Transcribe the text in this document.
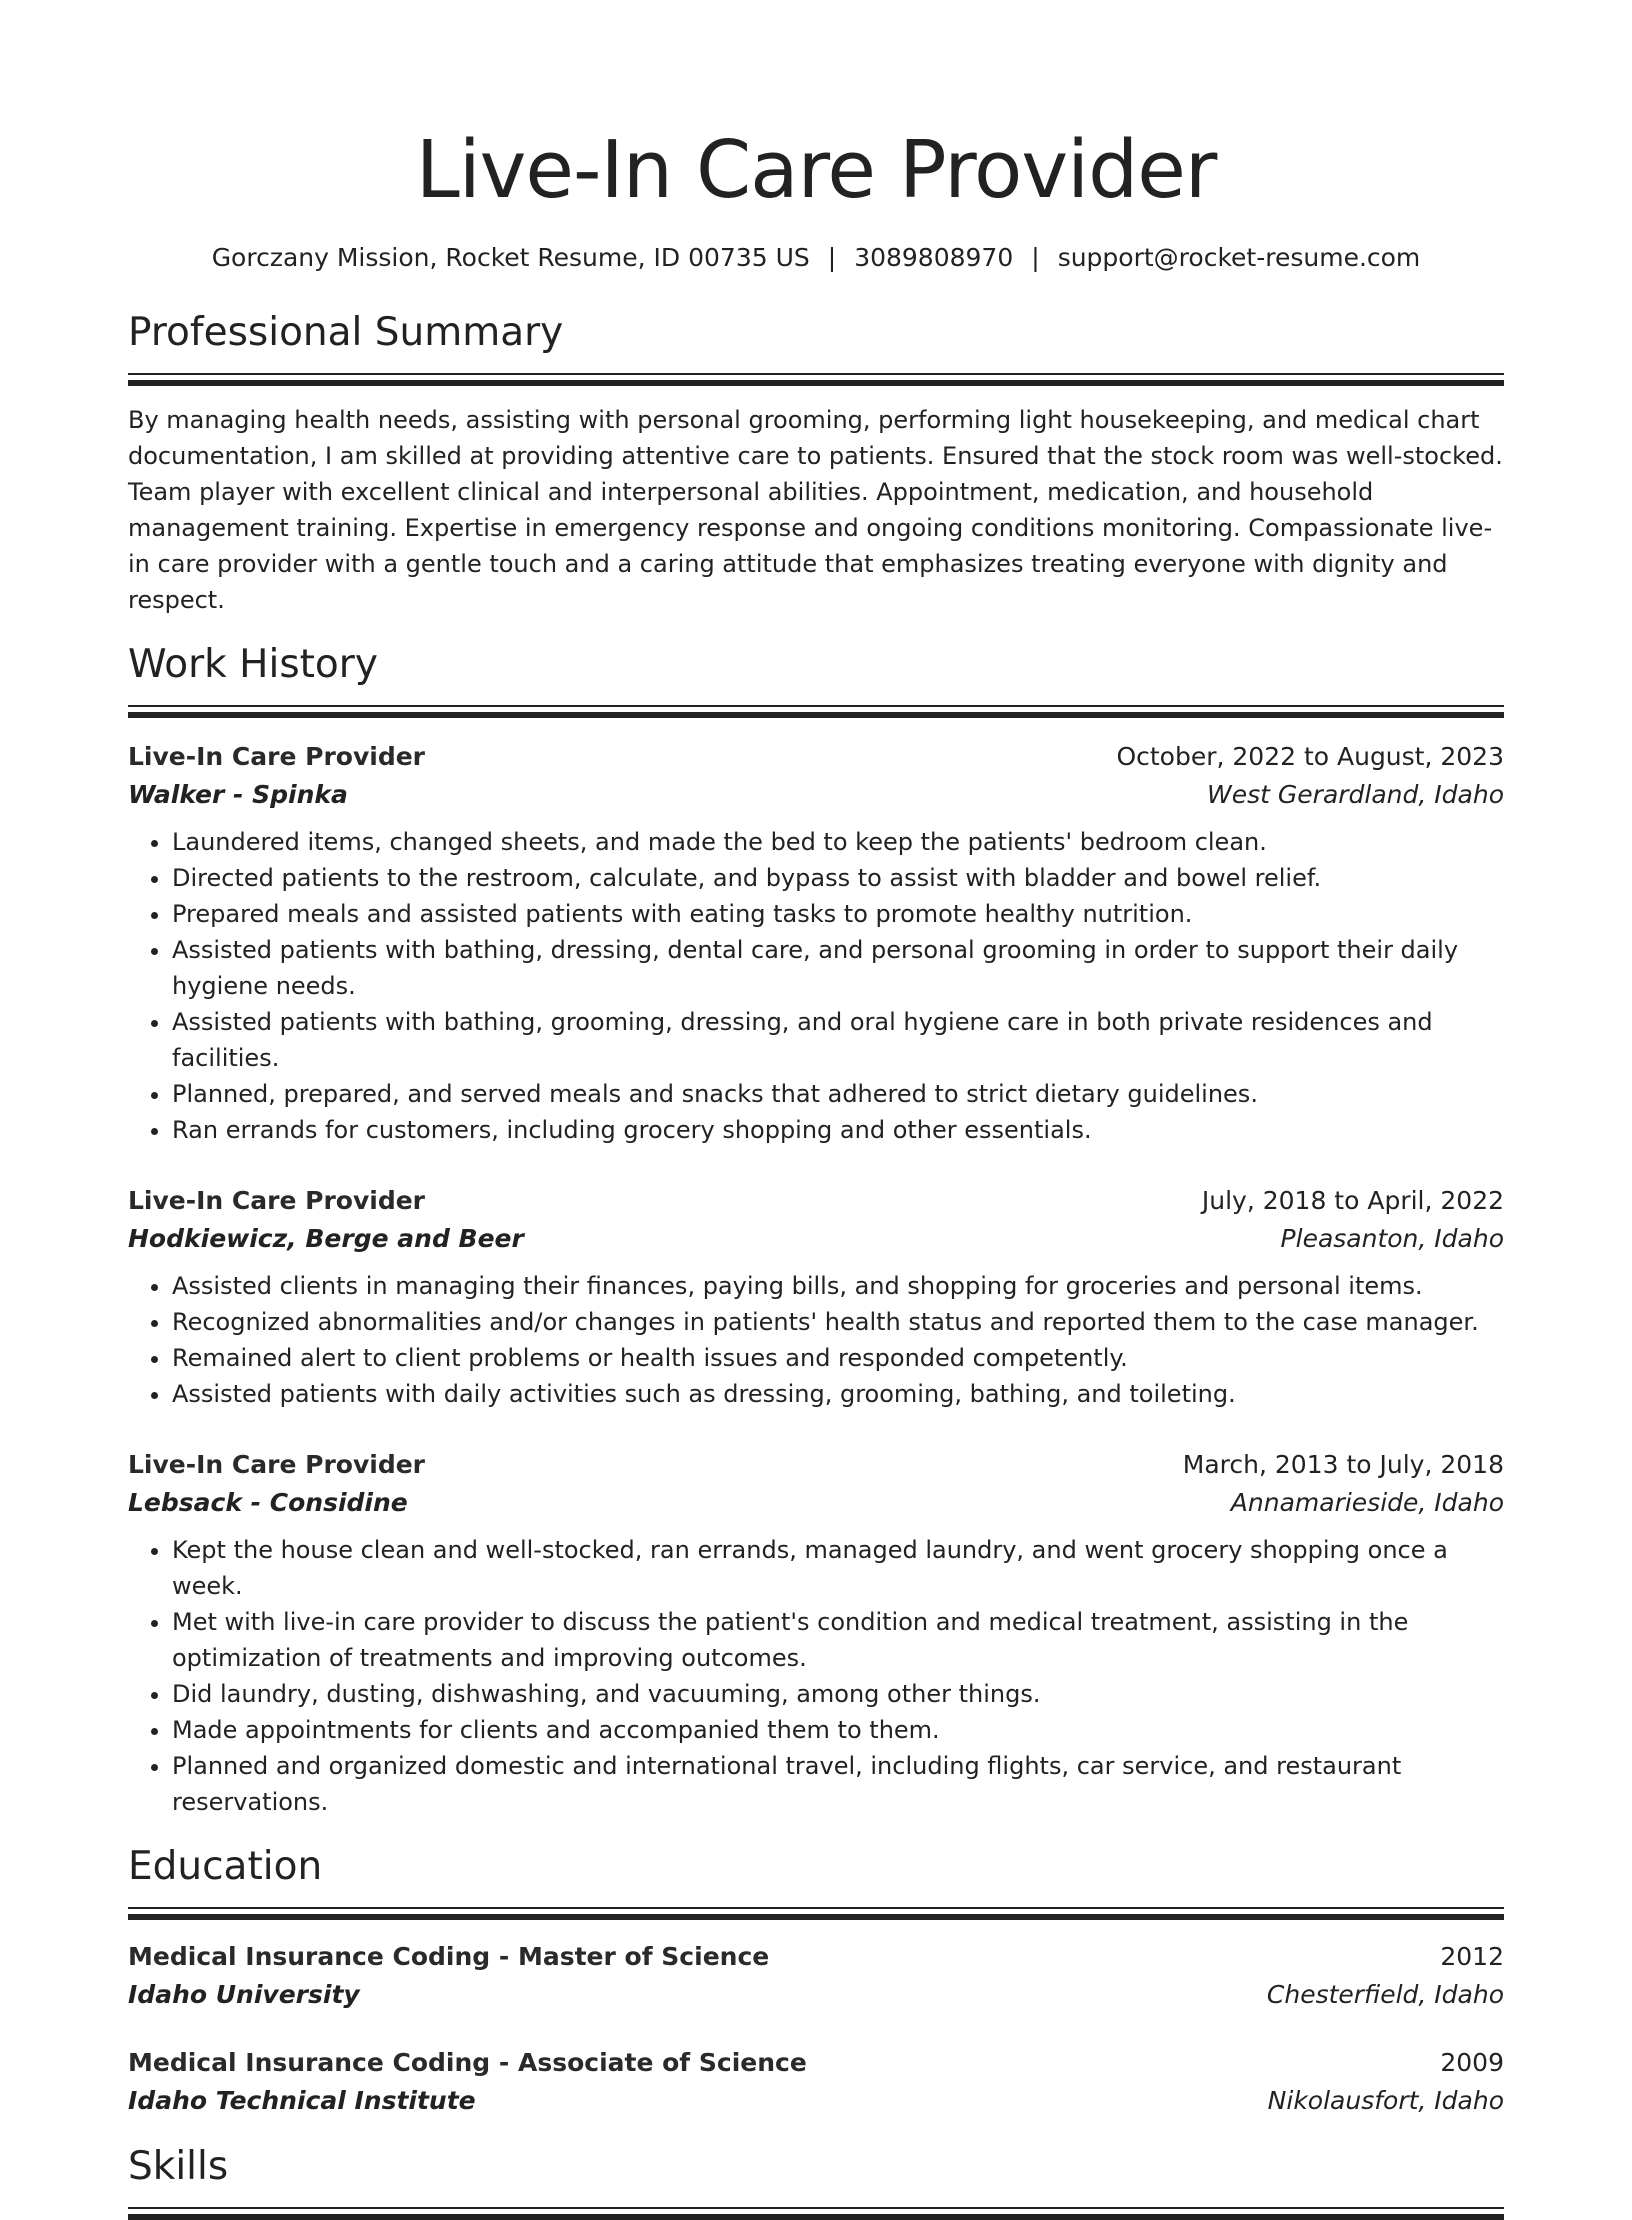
Live-In Care Provider
Gorczany Mission, Rocket Resume, ID 00735 US | 3089808970 | support@rocket-resume.com
Professional Summary

By managing health needs, assisting with personal grooming, performing light housekeeping, and medical chart documentation, I am skilled at providing attentive care to patients. Ensured that the stock room was well-stocked. Team player with excellent clinical and interpersonal abilities. Appointment, medication, and household management training. Expertise in emergency response and ongoing conditions monitoring. Compassionate live-in care provider with a gentle touch and a caring attitude that emphasizes treating everyone with dignity and respect.

Work History
Live-In Care Provider	October, 2022 to August, 2023
Walker - Spinka	West Gerardland, Idaho
• Laundered items, changed sheets, and made the bed to keep the patients' bedroom clean.
• Directed patients to the restroom, calculate, and bypass to assist with bladder and bowel relief.
• Prepared meals and assisted patients with eating tasks to promote healthy nutrition.
• Assisted patients with bathing, dressing, dental care, and personal grooming in order to support their daily hygiene needs.
• Assisted patients with bathing, grooming, dressing, and oral hygiene care in both private residences and facilities.
• Planned, prepared, and served meals and snacks that adhered to strict dietary guidelines.
• Ran errands for customers, including grocery shopping and other essentials.
Live-In Care Provider	July, 2018 to April, 2022
Hodkiewicz, Berge and Beer	Pleasanton, Idaho
• Assisted clients in managing their finances, paying bills, and shopping for groceries and personal items.
• Recognized abnormalities and/or changes in patients' health status and reported them to the case manager.
• Remained alert to client problems or health issues and responded competently.
• Assisted patients with daily activities such as dressing, grooming, bathing, and toileting.
Live-In Care Provider	March, 2013 to July, 2018
Lebsack - Considine	Annamarieside, Idaho
• Kept the house clean and well-stocked, ran errands, managed laundry, and went grocery shopping once a week.
• Met with live-in care provider to discuss the patient's condition and medical treatment, assisting in the optimization of treatments and improving outcomes.
• Did laundry, dusting, dishwashing, and vacuuming, among other things.
• Made appointments for clients and accompanied them to them.
• Planned and organized domestic and international travel, including flights, car service, and restaurant reservations.
Education
Medical Insurance Coding - Master of Science	2012
Idaho University	Chesterfield, Idaho
Medical Insurance Coding - Associate of Science	2009
Idaho Technical Institute	Nikolausfort, Idaho
Skills
